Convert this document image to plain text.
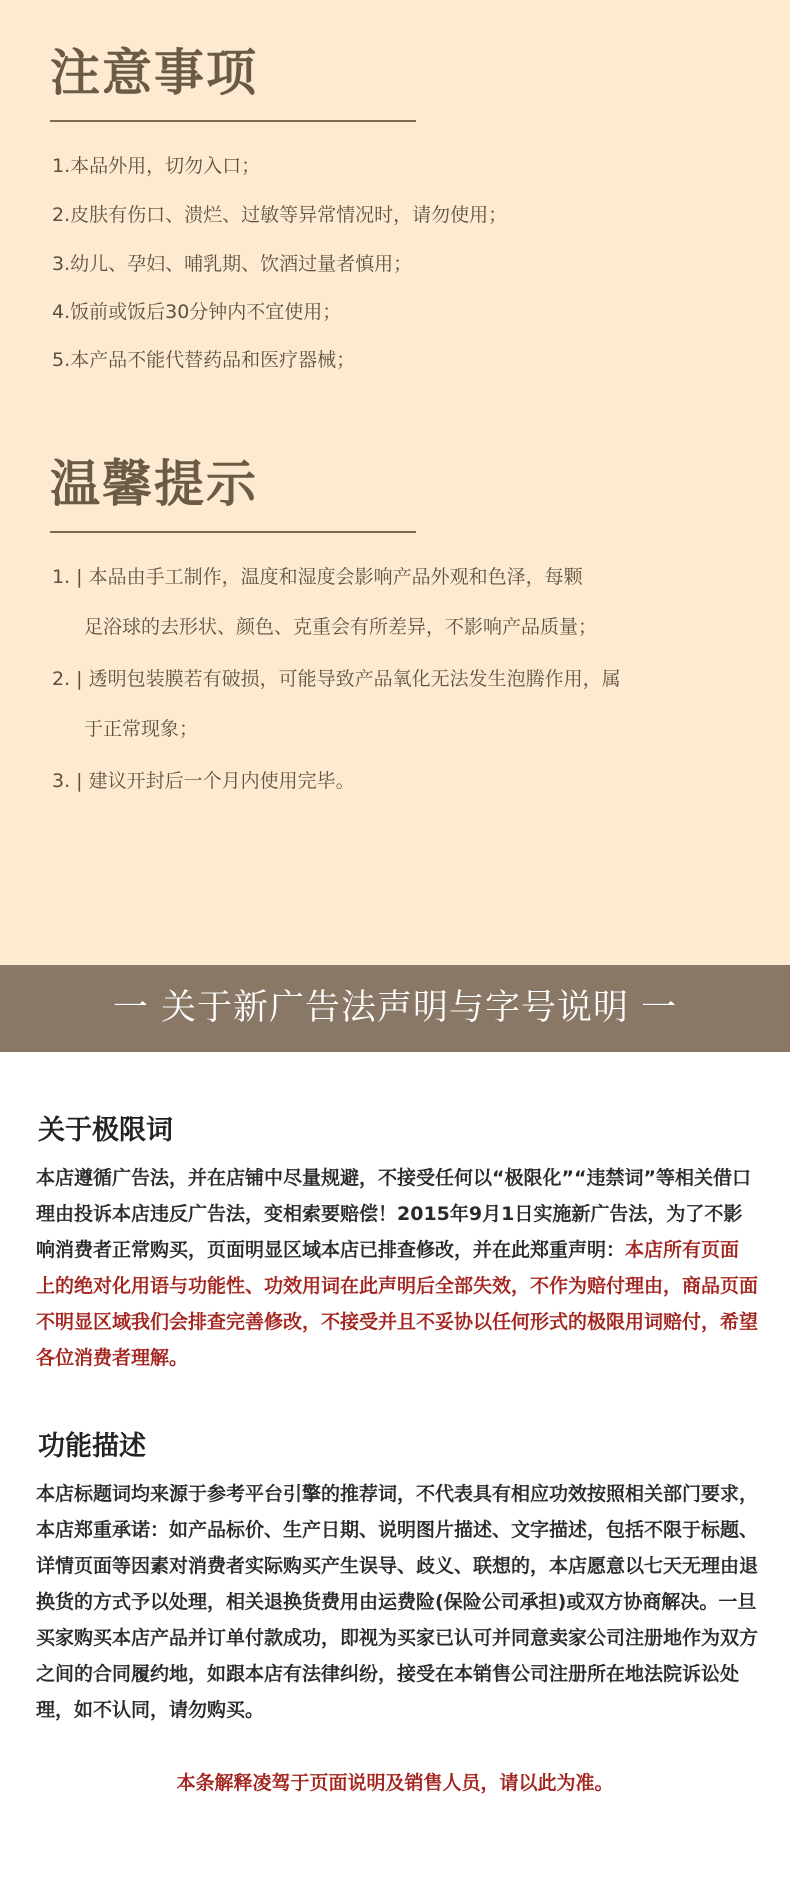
注意事项
1.本品外用，切勿入口；
2.皮肤有伤口、溃烂、过敏等异常情况时，请勿使用；
3.幼儿、孕妇、哺乳期、饮酒过量者慎用；
4.饭前或饭后30分钟内不宜使用；
5.本产品不能代替药品和医疗器械；
温馨提示
1. | 本品由手工制作，温度和湿度会影响产品外观和色泽，每颗
足浴球的去形状、颜色、克重会有所差异，不影响产品质量；
2. | 透明包装膜若有破损，可能导致产品氧化无法发生泡腾作用，属
于正常现象；
3. | 建议开封后一个月内使用完毕。
一 关于新广告法声明与字号说明 一
关于极限词
本店遵循广告法，并在店铺中尽量规避，不接受任何以“极限化”“违禁词”等相关借口理由投诉本店违反广告法，变相索要赔偿！2015年9月1日实施新广告法，为了不影响消费者正常购买，页面明显区域本店已排查修改，并在此郑重声明：本店所有页面上的绝对化用语与功能性、功效用词在此声明后全部失效，不作为赔付理由，商品页面不明显区域我们会排查完善修改，不接受并且不妥协以任何形式的极限用词赔付，希望各位消费者理解。
功能描述
本店标题词均来源于参考平台引擎的推荐词，不代表具有相应功效按照相关部门要求，本店郑重承诺：如产品标价、生产日期、说明图片描述、文字描述，包括不限于标题、详情页面等因素对消费者实际购买产生误导、歧义、联想的，本店愿意以七天无理由退换货的方式予以处理，相关退换货费用由运费险(保险公司承担)或双方协商解决。一旦买家购买本店产品并订单付款成功，即视为买家已认可并同意卖家公司注册地作为双方之间的合同履约地，如跟本店有法律纠纷，接受在本销售公司注册所在地法院诉讼处理，如不认同，请勿购买。
本条解释凌驾于页面说明及销售人员，请以此为准。
